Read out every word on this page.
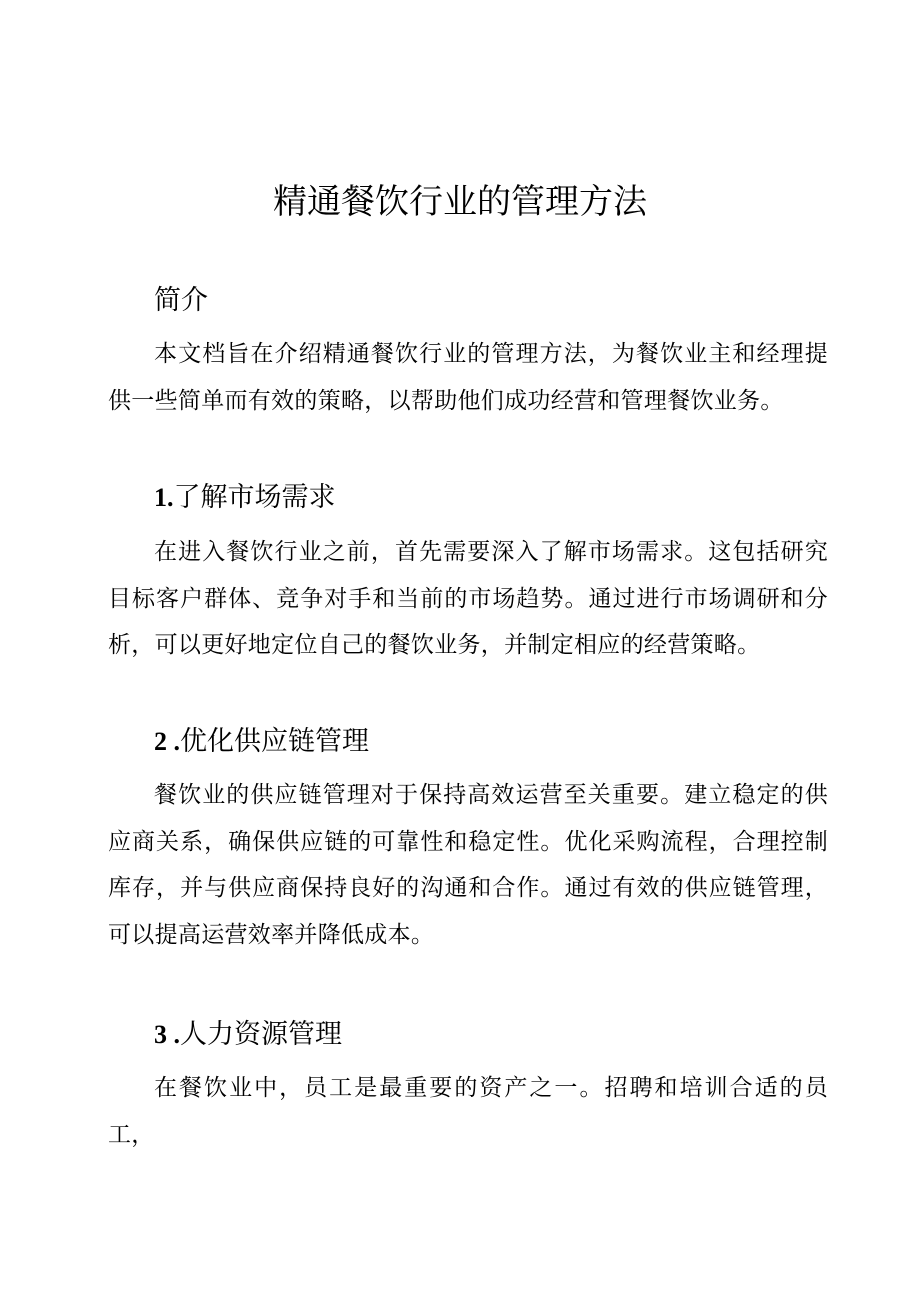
精通餐饮行业的管理方法
简介

本文档旨在介绍精通餐饮行业的管理方法，为餐饮业主和经理提供一些简单而有效的策略，以帮助他们成功经营和管理餐饮业务。

1.了解市场需求

在进入餐饮行业之前，首先需要深入了解市场需求。这包括研究目标客户群体、竞争对手和当前的市场趋势。通过进行市场调研和分析，可以更好地定位自己的餐饮业务，并制定相应的经营策略。

2 .优化供应链管理

餐饮业的供应链管理对于保持高效运营至关重要。建立稳定的供应商关系，确保供应链的可靠性和稳定性。优化采购流程，合理控制库存，并与供应商保持良好的沟通和合作。通过有效的供应链管理，可以提高运营效率并降低成本。

3 .人力资源管理

在餐饮业中，员工是最重要的资产之一。招聘和培训合适的员工，
